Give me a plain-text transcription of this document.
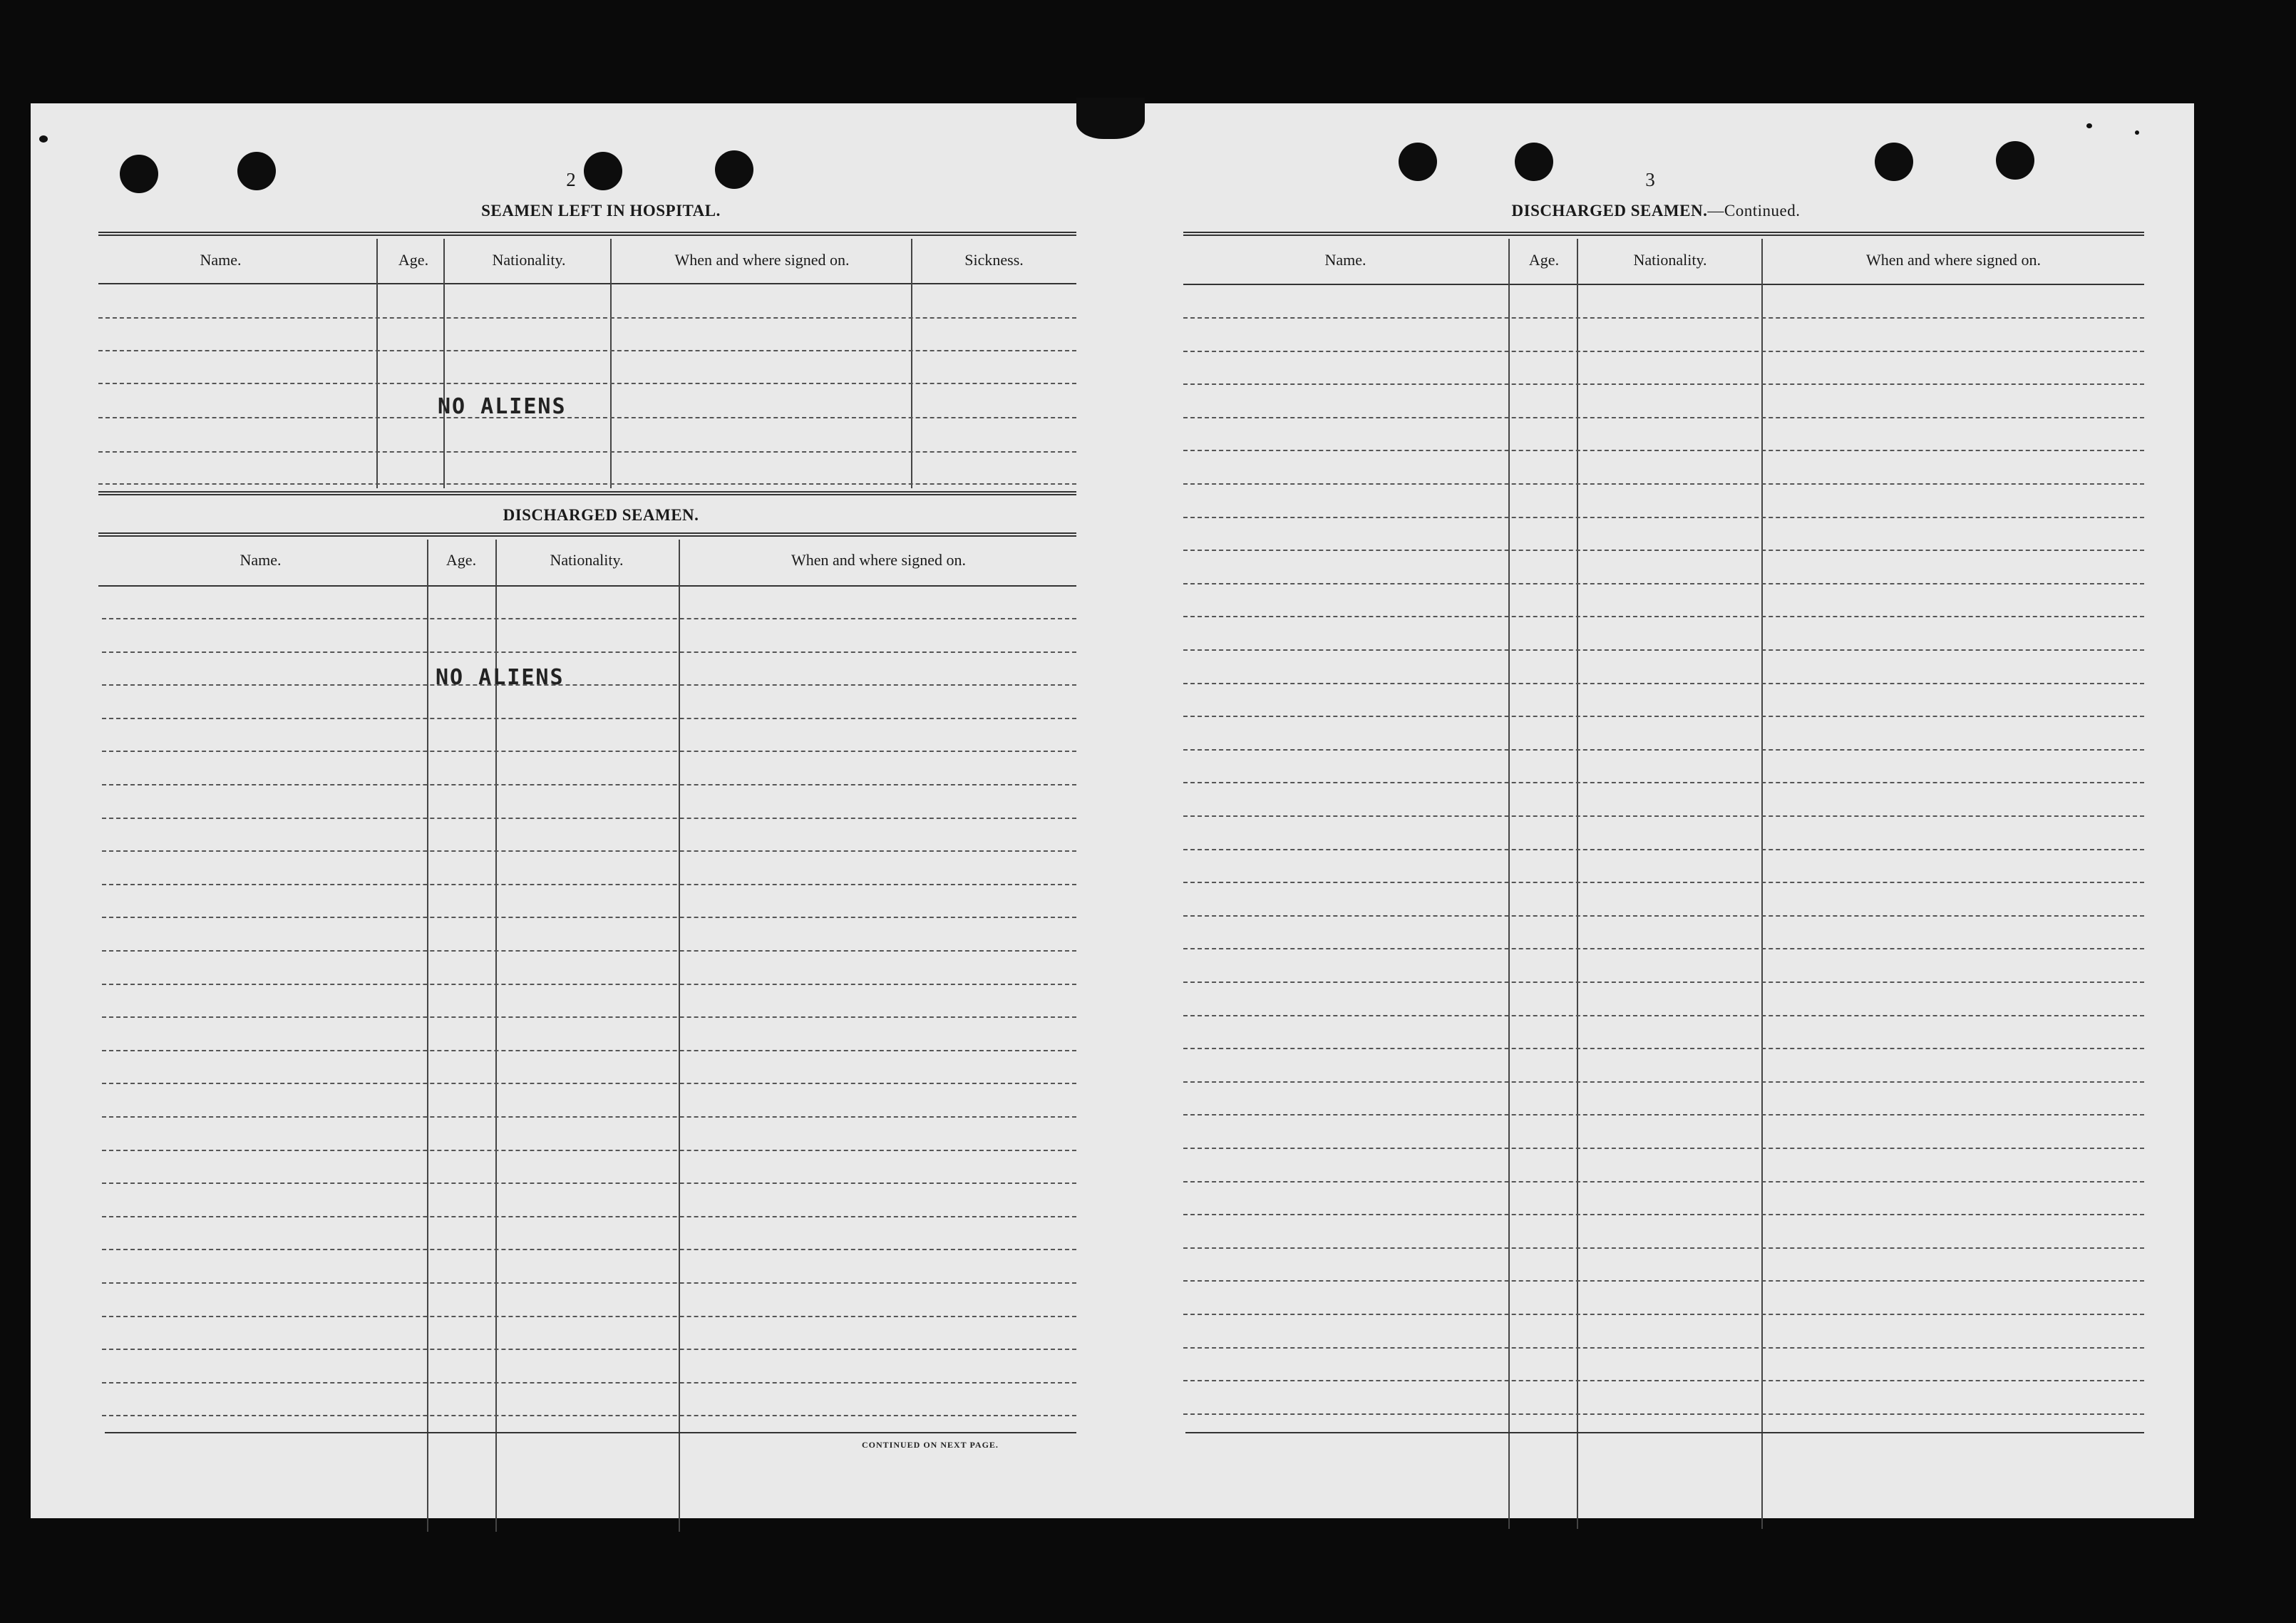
2
SEAMEN LEFT IN HOSPITAL.
Name.	Age.	Nationality.	When and where signed on.	Sickness.
NO ALIENS
DISCHARGED SEAMEN.
Name.	Age.	Nationality.	When and where signed on.
NO ALIENS
CONTINUED ON NEXT PAGE.
3
DISCHARGED SEAMEN.—Continued.
Name.	Age.	Nationality.	When and where signed on.
